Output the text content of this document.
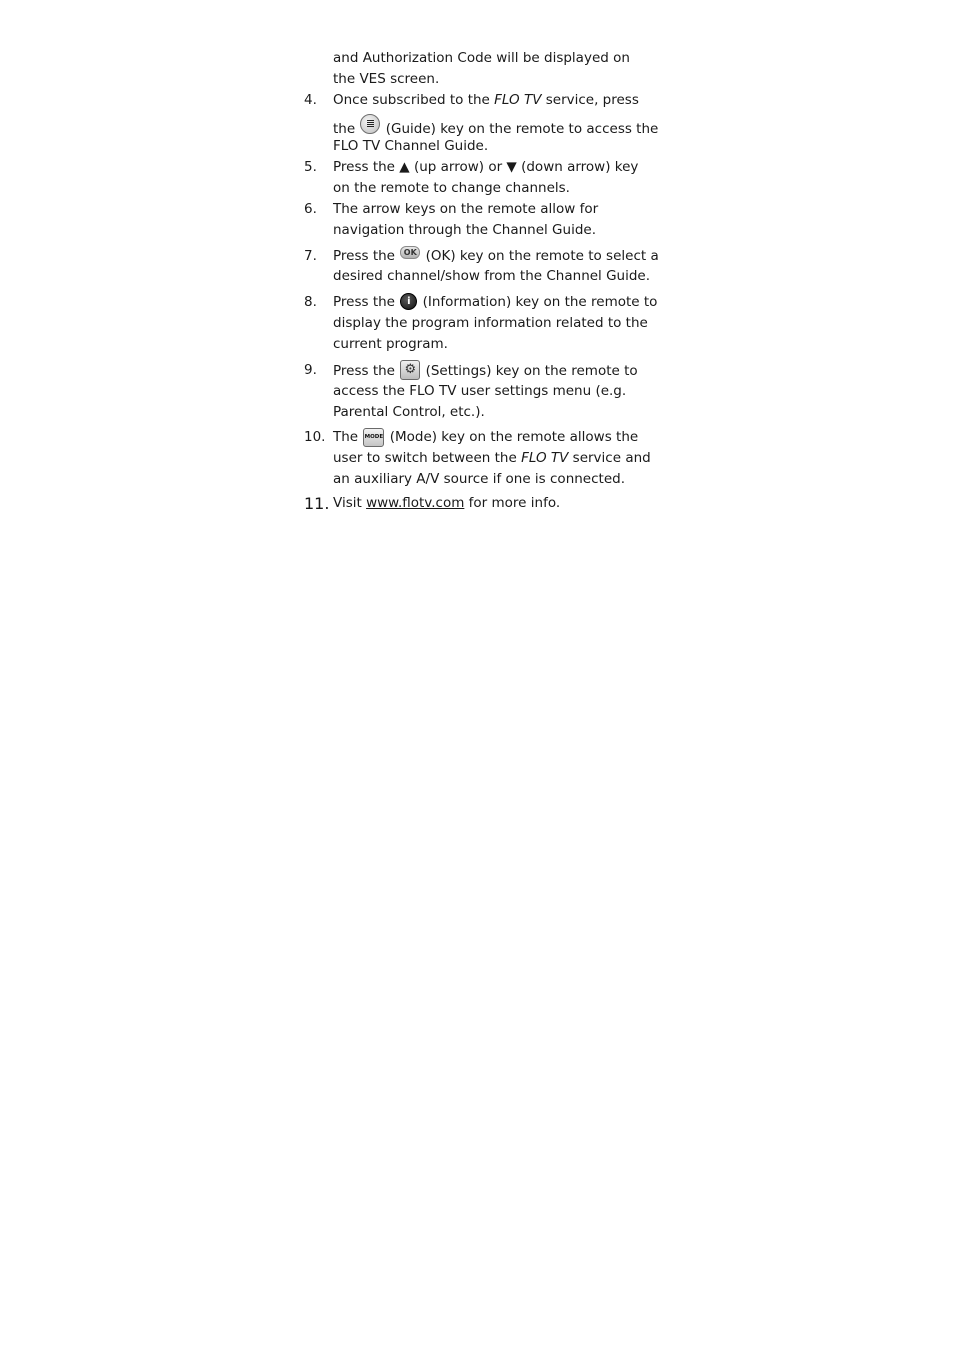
and Authorization Code will be displayed on
the VES screen.
4. Once subscribed to the FLO TV service, press
the  (Guide) key on the remote to access the
FLO TV Channel Guide.
5. Press the ▲ (up arrow) or ▼ (down arrow) key
on the remote to change channels.
6. The arrow keys on the remote allow for
navigation through the Channel Guide.
7. Press the OK (OK) key on the remote to select a
desired channel/show from the Channel Guide.
8. Press the i (Information) key on the remote to
display the program information related to the
current program.
9. Press the ⚙ (Settings) key on the remote to
access the FLO TV user settings menu (e.g.
Parental Control, etc.).
10. The MODE (Mode) key on the remote allows the
user to switch between the FLO TV service and
an auxiliary A/V source if one is connected.
11. Visit www.flotv.com for more info.
